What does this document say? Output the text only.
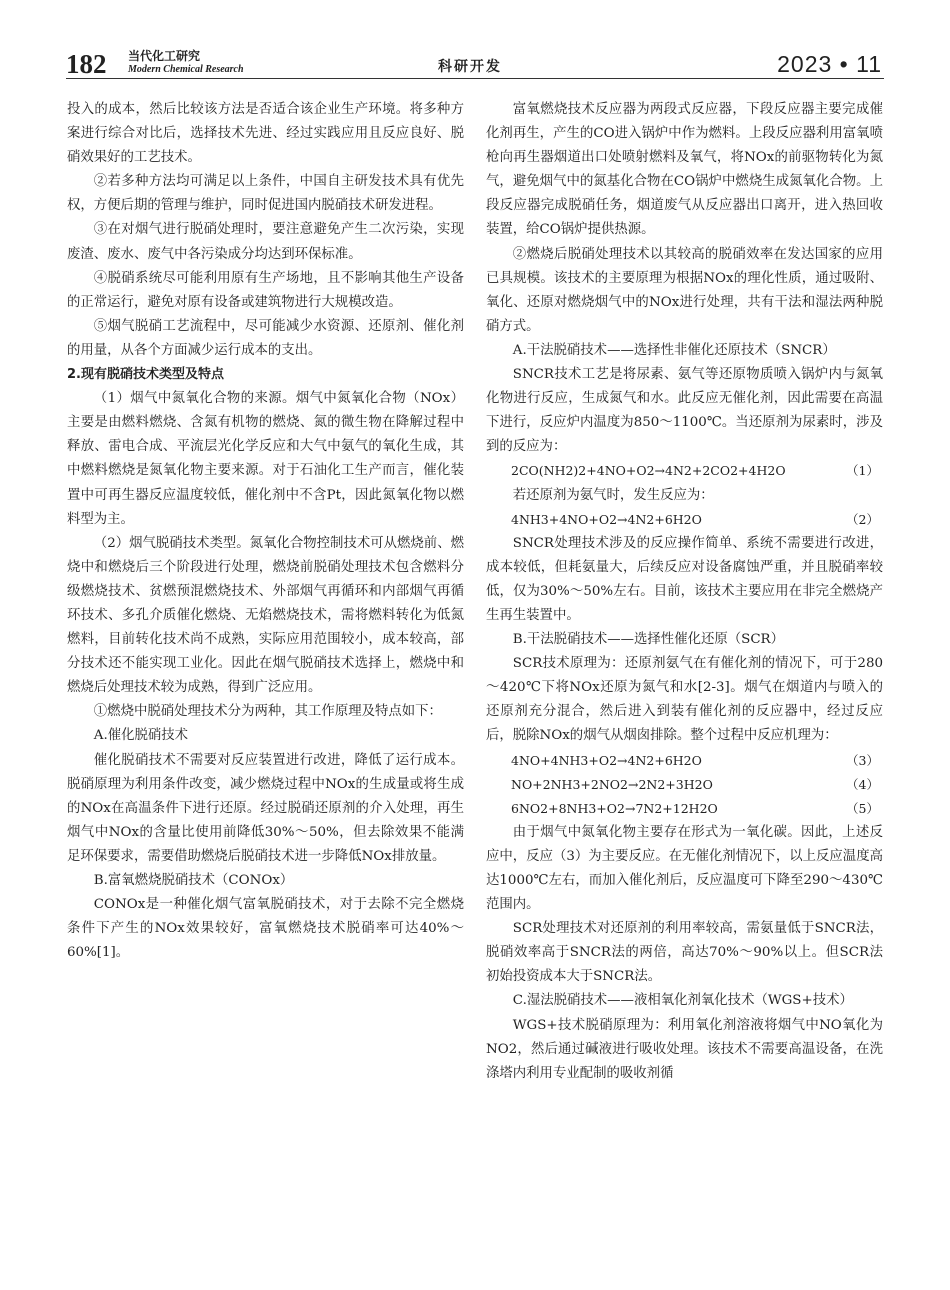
182 当代化工研究
Modern Chemical Research	科研开发	2023 • 11

投入的成本，然后比较该方法是否适合该企业生产环境。将多种方案进行综合对比后，选择技术先进、经过实践应用且反应良好、脱硝效果好的工艺技术。

②若多种方法均可满足以上条件，中国自主研发技术具有优先权，方便后期的管理与维护，同时促进国内脱硝技术研发进程。

③在对烟气进行脱硝处理时，要注意避免产生二次污染，实现废渣、废水、废气中各污染成分均达到环保标准。

④脱硝系统尽可能利用原有生产场地，且不影响其他生产设备的正常运行，避免对原有设备或建筑物进行大规模改造。

⑤烟气脱硝工艺流程中，尽可能减少水资源、还原剂、催化剂的用量，从各个方面减少运行成本的支出。

2.现有脱硝技术类型及特点

（1）烟气中氮氧化合物的来源。烟气中氮氧化合物（NOx）主要是由燃料燃烧、含氮有机物的燃烧、氮的微生物在降解过程中释放、雷电合成、平流层光化学反应和大气中氨气的氧化生成，其中燃料燃烧是氮氧化物主要来源。对于石油化工生产而言，催化装置中可再生器反应温度较低，催化剂中不含Pt，因此氮氧化物以燃料型为主。

（2）烟气脱硝技术类型。氮氧化合物控制技术可从燃烧前、燃烧中和燃烧后三个阶段进行处理，燃烧前脱硝处理技术包含燃料分级燃烧技术、贫燃预混燃烧技术、外部烟气再循环和内部烟气再循环技术、多孔介质催化燃烧、无焰燃烧技术，需将燃料转化为低氮燃料，目前转化技术尚不成熟，实际应用范围较小，成本较高，部分技术还不能实现工业化。因此在烟气脱硝技术选择上，燃烧中和燃烧后处理技术较为成熟，得到广泛应用。

①燃烧中脱硝处理技术分为两种，其工作原理及特点如下：

A.催化脱硝技术

催化脱硝技术不需要对反应装置进行改进，降低了运行成本。脱硝原理为利用条件改变，减少燃烧过程中NOx的生成量或将生成的NOx在高温条件下进行还原。经过脱硝还原剂的介入处理，再生烟气中NOx的含量比使用前降低30%～50%，但去除效果不能满足环保要求，需要借助燃烧后脱硝技术进一步降低NOx排放量。

B.富氧燃烧脱硝技术（CONOx）

CONOx是一种催化烟气富氧脱硝技术，对于去除不完全燃烧条件下产生的NOx效果较好，富氧燃烧技术脱硝率可达40%～60%[1]。

富氧燃烧技术反应器为两段式反应器，下段反应器主要完成催化剂再生，产生的CO进入锅炉中作为燃料。上段反应器利用富氧喷枪向再生器烟道出口处喷射燃料及氧气，将NOx的前驱物转化为氮气，避免烟气中的氮基化合物在CO锅炉中燃烧生成氮氧化合物。上段反应器完成脱硝任务，烟道废气从反应器出口离开，进入热回收装置，给CO锅炉提供热源。

②燃烧后脱硝处理技术以其较高的脱硝效率在发达国家的应用已具规模。该技术的主要原理为根据NOx的理化性质，通过吸附、氧化、还原对燃烧烟气中的NOx进行处理，共有干法和湿法两种脱硝方式。

A.干法脱硝技术——选择性非催化还原技术（SNCR）

SNCR技术工艺是将尿素、氨气等还原物质喷入锅炉内与氮氧化物进行反应，生成氮气和水。此反应无催化剂，因此需要在高温下进行，反应炉内温度为850～1100℃。当还原剂为尿素时，涉及到的反应为：

2CO(NH2)2+4NO+O2→4N2+2CO2+4H2O	（1）

若还原剂为氨气时，发生反应为：

4NH3+4NO+O2→4N2+6H2O	（2）

SNCR处理技术涉及的反应操作简单、系统不需要进行改进，成本较低，但耗氨量大，后续反应对设备腐蚀严重，并且脱硝率较低，仅为30%～50%左右。目前，该技术主要应用在非完全燃烧产生再生装置中。

B.干法脱硝技术——选择性催化还原（SCR）

SCR技术原理为：还原剂氨气在有催化剂的情况下，可于280～420℃下将NOx还原为氮气和水[2-3]。烟气在烟道内与喷入的还原剂充分混合，然后进入到装有催化剂的反应器中，经过反应后，脱除NOx的烟气从烟囱排除。整个过程中反应机理为：

4NO+4NH3+O2→4N2+6H2O	（3）
NO+2NH3+2NO2→2N2+3H2O	（4）
6NO2+8NH3+O2→7N2+12H2O	（5）

由于烟气中氮氧化物主要存在形式为一氧化碳。因此，上述反应中，反应（3）为主要反应。在无催化剂情况下，以上反应温度高达1000℃左右，而加入催化剂后，反应温度可下降至290～430℃范围内。

SCR处理技术对还原剂的利用率较高，需氨量低于SNCR法，脱硝效率高于SNCR法的两倍，高达70%～90%以上。但SCR法初始投资成本大于SNCR法。

C.湿法脱硝技术——液相氧化剂氧化技术（WGS+技术）

WGS+技术脱硝原理为：利用氧化剂溶液将烟气中NO氧化为NO2，然后通过碱液进行吸收处理。该技术不需要高温设备，在洗涤塔内利用专业配制的吸收剂循
